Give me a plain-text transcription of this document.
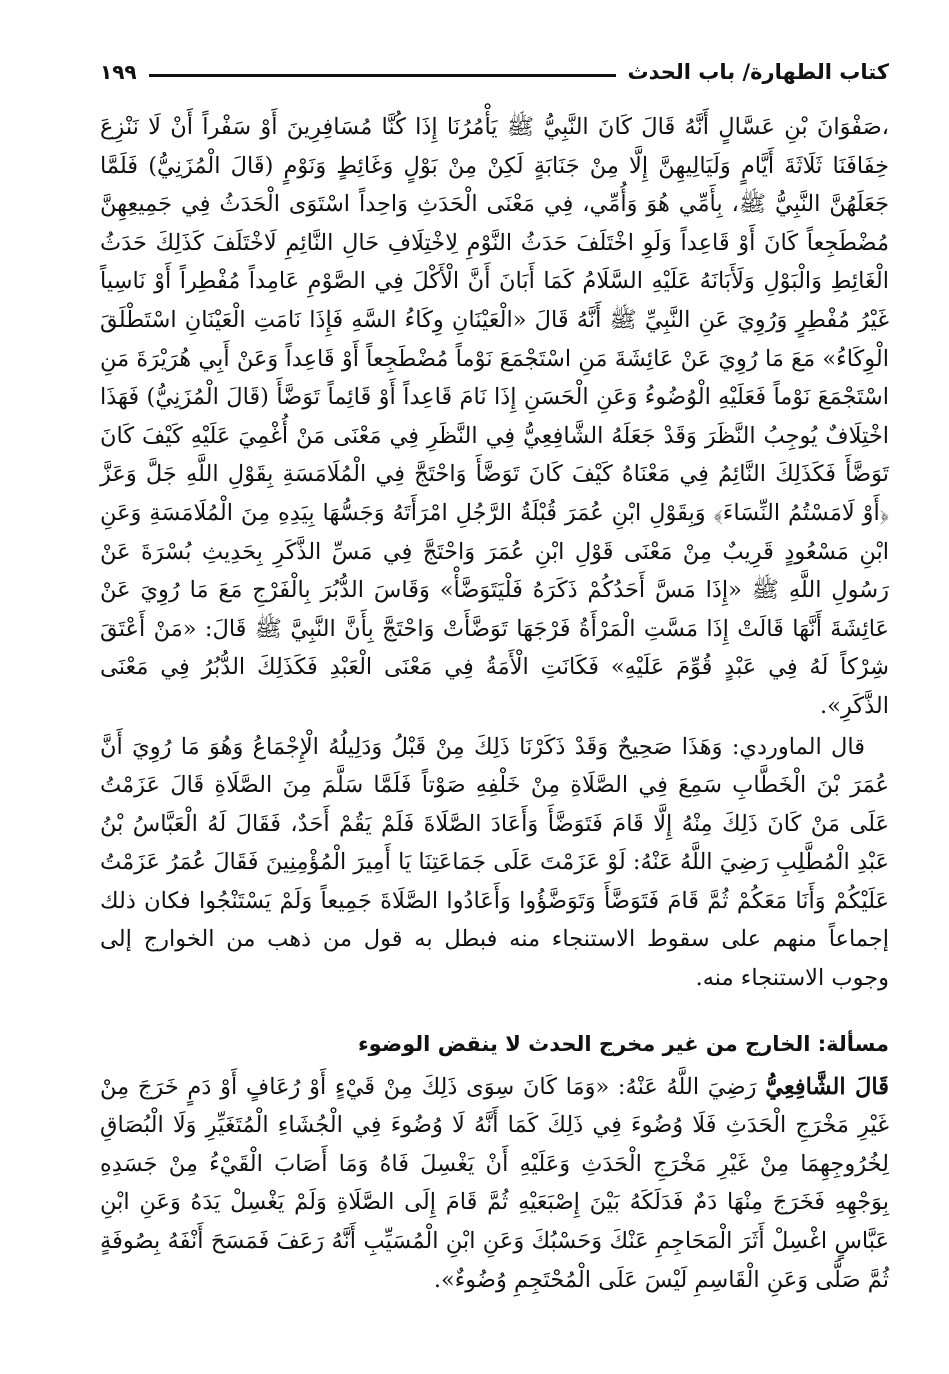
كتاب الطهارة/ باب الحدث
١٩٩

،صَفْوَانَ بْنِ عَسَّالٍ أَنَّهُ قَالَ كَانَ النَّبِيُّ ﷺ يَأْمُرُنَا إِذَا كُنَّا مُسَافِرِينَ أَوْ سَفْراً أَنْ لَا نَنْزِعَ خِفَافَنَا ثَلَاثَةَ أَيَّامٍ وَلَيَالِيهِنَّ إِلَّا مِنْ جَنَابَةٍ لَكِنْ مِنْ بَوْلٍ وَغَائِطٍ وَنَوْمٍ (قَالَ الْمُزَنِيُّ) فَلَمَّا جَعَلَهُنَّ النَّبِيُّ ﷺ، بِأَمِّي هُوَ وَأُمِّي، فِي مَعْنَى الْحَدَثِ وَاحِداً اسْتَوَى الْحَدَثُ فِي جَمِيعِهِنَّ مُضْطَجِعاً كَانَ أَوْ قَاعِداً وَلَوِ اخْتَلَفَ حَدَثُ النَّوْمِ لِاخْتِلَافِ حَالِ النَّائِمِ لَاخْتَلَفَ كَذَلِكَ حَدَثُ الْغَائِطِ وَالْبَوْلِ وَلَأَبَانَهُ عَلَيْهِ السَّلَامُ كَمَا أَبَانَ أَنَّ الْأَكْلَ فِي الصَّوْمِ عَامِداً مُفْطِراً أَوْ نَاسِياً غَيْرُ مُفْطِرٍ وَرُوِيَ عَنِ النَّبِيِّ ﷺ أَنَّهُ قَالَ «الْعَيْنَانِ وِكَاءُ السَّهِ فَإِذَا نَامَتِ الْعَيْنَانِ اسْتَطْلَقَ الْوِكَاءُ» مَعَ مَا رُوِيَ عَنْ عَائِشَةَ مَنِ اسْتَجْمَعَ نَوْماً مُضْطَجِعاً أَوْ قَاعِداً وَعَنْ أَبِي هُرَيْرَةَ مَنِ اسْتَجْمَعَ نَوْماً فَعَلَيْهِ الْوُضُوءُ وَعَنِ الْحَسَنِ إِذَا نَامَ قَاعِداً أَوْ قَائِماً تَوَضَّأَ (قَالَ الْمُزَنِيُّ) فَهَذَا اخْتِلَافٌ يُوجِبُ النَّظَرَ وَقَدْ جَعَلَهُ الشَّافِعِيُّ فِي النَّظَرِ فِي مَعْنَى مَنْ أُغْمِيَ عَلَيْهِ كَيْفَ كَانَ تَوَضَّأَ فَكَذَلِكَ النَّائِمُ فِي مَعْنَاهُ كَيْفَ كَانَ تَوَضَّأَ وَاحْتَجَّ فِي الْمُلَامَسَةِ بِقَوْلِ اللَّهِ جَلَّ وَعَزَّ ﴿أَوْ لَامَسْتُمُ النِّسَاءَ﴾ وَبِقَوْلِ ابْنِ عُمَرَ قُبْلَةُ الرَّجُلِ امْرَأَتَهُ وَجَسُّهَا بِيَدِهِ مِنَ الْمُلَامَسَةِ وَعَنِ ابْنِ مَسْعُودٍ قَرِيبٌ مِنْ مَعْنَى قَوْلِ ابْنِ عُمَرَ وَاحْتَجَّ فِي مَسِّ الذَّكَرِ بِحَدِيثِ بُسْرَةَ عَنْ رَسُولِ اللَّهِ ﷺ «إِذَا مَسَّ أَحَدُكُمْ ذَكَرَهُ فَلْيَتَوَضَّأْ» وَقَاسَ الدُّبُرَ بِالْفَرْجِ مَعَ مَا رُوِيَ عَنْ عَائِشَةَ أَنَّهَا قَالَتْ إِذَا مَسَّتِ الْمَرْأَةُ فَرْجَهَا تَوَضَّأَتْ وَاحْتَجَّ بِأَنَّ النَّبِيَّ ﷺ قَالَ: «مَنْ أَعْتَقَ شِرْكاً لَهُ فِي عَبْدٍ قُوِّمَ عَلَيْهِ» فَكَانَتِ الْأَمَةُ فِي مَعْنَى الْعَبْدِ فَكَذَلِكَ الدُّبُرُ فِي مَعْنَى الذَّكَرِ».

قال الماوردي: وَهَذَا صَحِيحٌ وَقَدْ ذَكَرْنَا ذَلِكَ مِنْ قَبْلُ وَدَلِيلُهُ الْإِجْمَاعُ وَهُوَ مَا رُوِيَ أَنَّ عُمَرَ بْنَ الْخَطَّابِ سَمِعَ فِي الصَّلَاةِ مِنْ خَلْفِهِ صَوْتاً فَلَمَّا سَلَّمَ مِنَ الصَّلَاةِ قَالَ عَزَمْتُ عَلَى مَنْ كَانَ ذَلِكَ مِنْهُ إِلَّا قَامَ فَتَوَضَّأَ وَأَعَادَ الصَّلَاةَ فَلَمْ يَقُمْ أَحَدٌ، فَقَالَ لَهُ الْعَبَّاسُ بْنُ عَبْدِ الْمُطَّلِبِ رَضِيَ اللَّهُ عَنْهُ: لَوْ عَزَمْتَ عَلَى جَمَاعَتِنَا يَا أَمِيرَ الْمُؤْمِنِينَ فَقَالَ عُمَرُ عَزَمْتُ عَلَيْكُمْ وَأَنَا مَعَكُمْ ثُمَّ قَامَ فَتَوَضَّأَ وَتَوَضَّؤُوا وَأَعَادُوا الصَّلَاةَ جَمِيعاً وَلَمْ يَسْتَنْجُوا فكان ذلك إجماعاً منهم على سقوط الاستنجاء منه فبطل به قول من ذهب من الخوارج إلى وجوب الاستنجاء منه.

مسألة: الخارج من غير مخرج الحدث لا ينقض الوضوء

قَالَ الشَّافِعِيُّ رَضِيَ اللَّهُ عَنْهُ: «وَمَا كَانَ سِوَى ذَلِكَ مِنْ قَيْءٍ أَوْ رُعَافٍ أَوْ دَمٍ خَرَجَ مِنْ غَيْرِ مَخْرَجِ الْحَدَثِ فَلَا وُضُوءَ فِي ذَلِكَ كَمَا أَنَّهُ لَا وُضُوءَ فِي الْجُشَاءِ الْمُتَغَيِّرِ وَلَا الْبُصَاقِ لِخُرُوجِهِمَا مِنْ غَيْرِ مَخْرَجِ الْحَدَثِ وَعَلَيْهِ أَنْ يَغْسِلَ فَاهُ وَمَا أَصَابَ الْقَيْءُ مِنْ جَسَدِهِ بِوَجْهِهِ فَخَرَجَ مِنْهَا دَمٌ فَدَلَكَهُ بَيْنَ إِصْبَعَيْهِ ثُمَّ قَامَ إِلَى الصَّلَاةِ وَلَمْ يَغْسِلْ يَدَهُ وَعَنِ ابْنِ عَبَّاسٍ اغْسِلْ أَثَرَ الْمَحَاجِمِ عَنْكَ وَحَسْبُكَ وَعَنِ ابْنِ الْمُسَيِّبِ أَنَّهُ رَعَفَ فَمَسَحَ أَنْفَهُ بِصُوفَةٍ ثُمَّ صَلَّى وَعَنِ الْقَاسِمِ لَيْسَ عَلَى الْمُحْتَجِمِ وُضُوءٌ».
